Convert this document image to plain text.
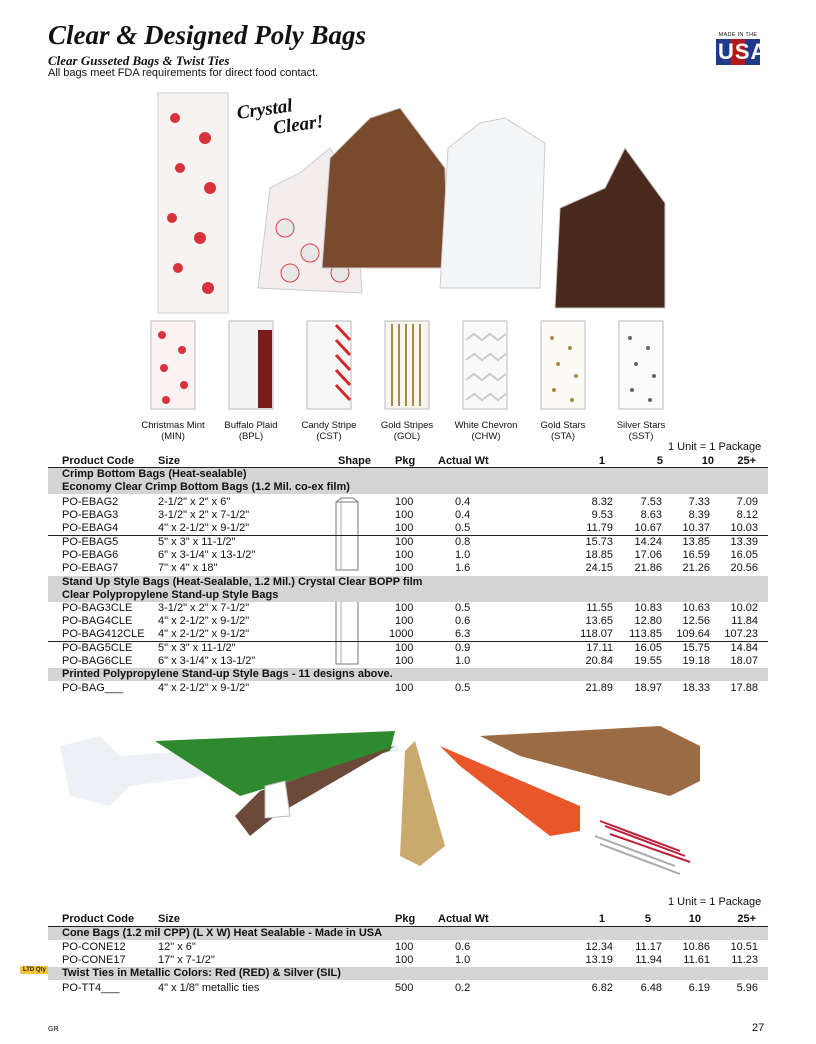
Clear & Designed Poly Bags
Clear Gusseted Bags & Twist Ties
All bags meet FDA requirements for direct food contact.
MADE IN THE
USA
Crystal
Clear!
Christmas Mint
(MIN)
Buffalo Plaid
(BPL)
Candy Stripe
(CST)
Gold Stripes
(GOL)
White Chevron
(CHW)
Gold Stars
(STA)
Silver Stars
(SST)
1 Unit = 1 Package
Product Code Size	Shape Pkg Actual Wt	1	5	10	25+
Crimp Bottom Bags (Heat-sealable)
Economy Clear Crimp Bottom Bags (1.2 Mil. co-ex film)
PO-EBAG2	2-1/2" x 2" x 6"	100	0.4	8.32	7.53	7.33	7.09
PO-EBAG3	3-1/2" x 2" x 7-1/2"	100	0.4	9.53	8.63	8.39	8.12
PO-EBAG4	4" x 2-1/2" x 9-1/2"	100	0.5	11.79	10.67	10.37	10.03
PO-EBAG5	5" x 3" x 11-1/2"	100	0.8	15.73	14.24	13.85	13.39
PO-EBAG6	6" x 3-1/4" x 13-1/2"	100	1.0	18.85	17.06	16.59	16.05
PO-EBAG7	7" x 4" x 18"	100	1.6	24.15	21.86	21.26	20.56
Stand Up Style Bags (Heat-Sealable, 1.2 Mil.) Crystal Clear BOPP film
Clear Polypropylene Stand-up Style Bags
PO-BAG3CLE 3-1/2" x 2" x 7-1/2"	100	0.5	11.55	10.83	10.63	10.02
PO-BAG4CLE 4" x 2-1/2" x 9-1/2"	100	0.6	13.65	12.80	12.56	11.84
PO-BAG412CLE 4" x 2-1/2" x 9-1/2"	1000	6.3	118.07	113.85	109.64	107.23
PO-BAG5CLE 5" x 3" x 11-1/2"	100	0.9	17.11	16.05	15.75	14.84
PO-BAG6CLE 6" x 3-1/4" x 13-1/2"	100	1.0	20.84	19.55	19.18	18.07
Printed Polypropylene Stand-up Style Bags - 11 designs above.
PO-BAG___	4" x 2-1/2" x 9-1/2"	100	0.5	21.89	18.97	18.33	17.88
1 Unit = 1 Package
Product Code Size	Pkg Actual Wt	1	5	10	25+
Cone Bags (1.2 mil CPP) (L X W) Heat Sealable - Made in USA
PO-CONE12	12" x 6"	100	0.6	12.34	11.17	10.86	10.51
PO-CONE17	17" x 7-1/2"	100	1.0	13.19	11.94	11.61	11.23
LTD Qty Twist Ties in Metallic Colors: Red (RED) & Silver (SIL)
PO-TT4___	4" x 1/8" metallic ties	500	0.2	6.82	6.48	6.19	5.96
GR	27
